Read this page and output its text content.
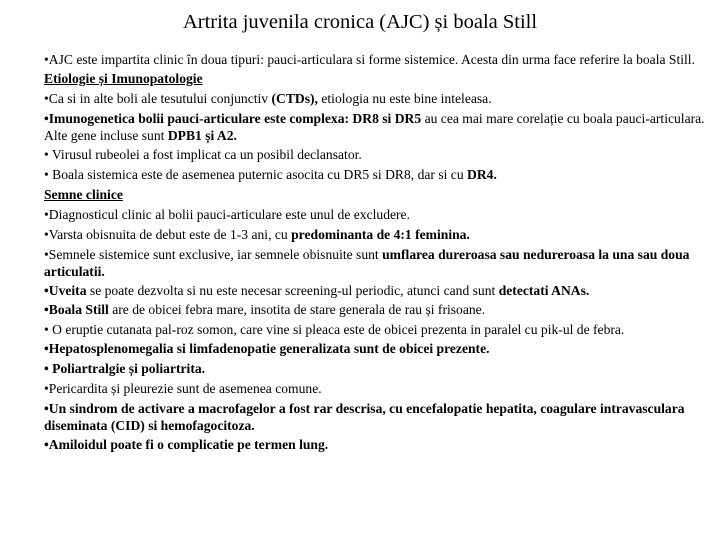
Artrita juvenila cronica (AJC) și boala Still

•AJC este impartita clinic în doua tipuri: pauci-articulara si forme sistemice. Acesta din urma face referire la boala Still.

Etiologie și Imunopatologie

•Ca si in alte boli ale tesutului conjunctiv (CTDs), etiologia nu este bine inteleasa.

•Imunogenetica bolii pauci-articulare este complexa: DR8 si DR5 au cea mai mare corelație cu boala pauci-articulara. Alte gene incluse sunt DPB1 și A2.

• Virusul rubeolei a fost implicat ca un posibil declansator.

• Boala sistemica este de asemenea puternic asocita cu DR5 si DR8, dar si cu DR4.

Semne clinice

•Diagnosticul clinic al bolii pauci-articulare este unul de excludere.

•Varsta obisnuita de debut este de 1-3 ani, cu predominanta de 4:1 feminina.

•Semnele sistemice sunt exclusive, iar semnele obisnuite sunt umflarea dureroasa sau nedureroasa la una sau doua articulatii.

•Uveita se poate dezvolta si nu este necesar screening-ul periodic, atunci cand sunt detectati ANAs.

•Boala Still are de obicei febra mare, insotita de stare generala de rau și frisoane.

• O eruptie cutanata pal-roz somon, care vine si pleaca este de obicei prezenta in paralel cu pik-ul de febra.

•Hepatosplenomegalia si limfadenopatie generalizata sunt de obicei prezente.

• Poliartralgie și poliartrita.

•Pericardita și pleurezie sunt de asemenea comune.

•Un sindrom de activare a macrofagelor a fost rar descrisa, cu encefalopatie hepatita, coagulare intravasculara diseminata (CID) si hemofagocitoza.

•Amiloidul poate fi o complicatie pe termen lung.
